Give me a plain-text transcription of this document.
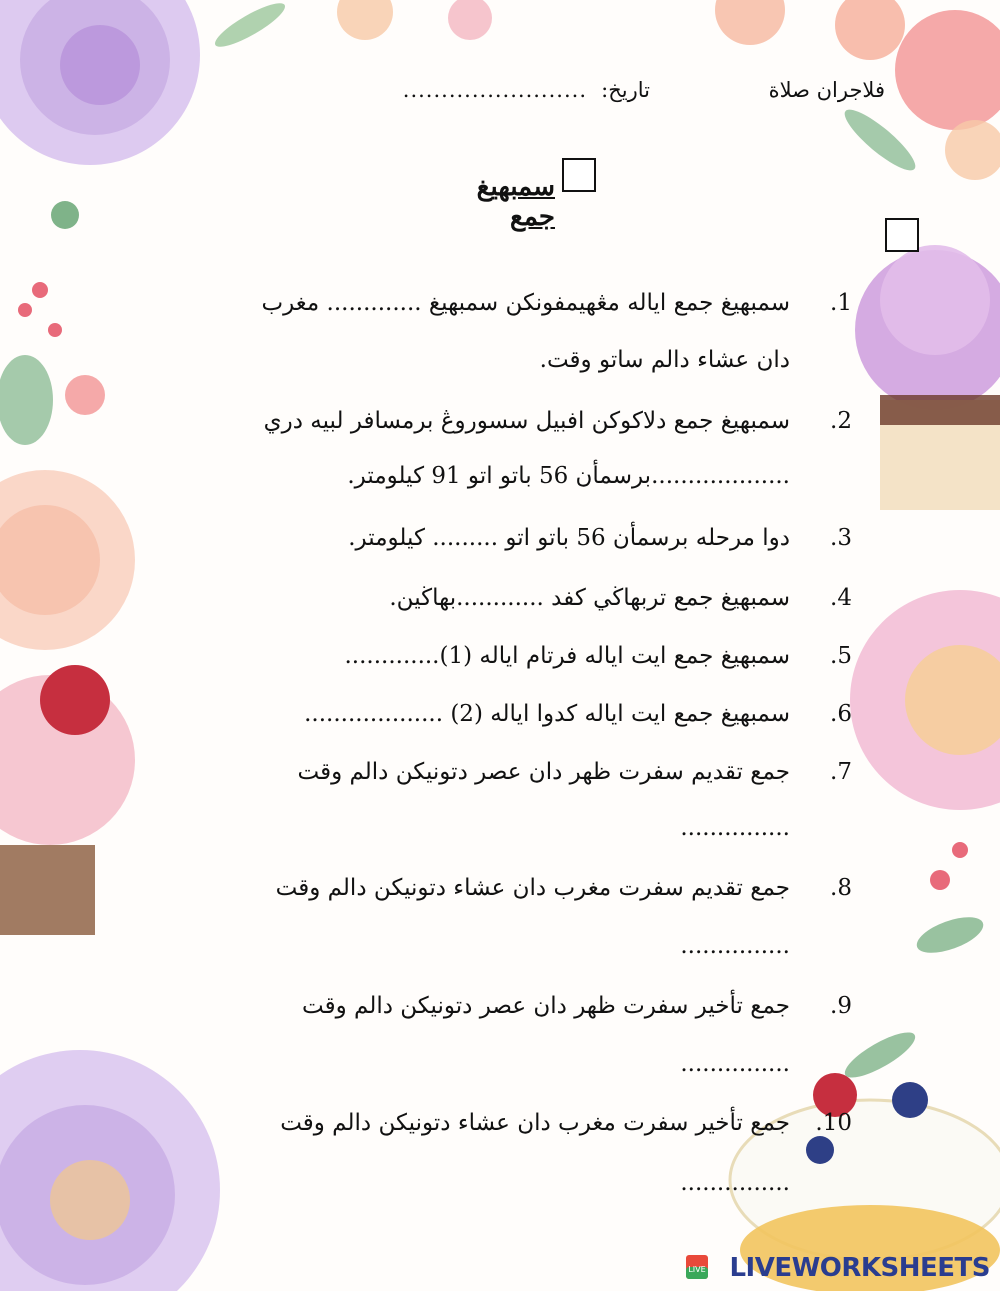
فلاجران صلاة
تاريخ:
........................
سمبهيغ جمع
.1
سمبهيغ جمع اياله مڠهيمفونكن سمبهيغ ............. مغرب
دان عشاء دالم ساتو وقت.
.2
سمبهيغ جمع دلاكوكن افبيل سسوروڠ برمسافر لبيه دري
...................برسمأن 56 باتو اتو 91 كيلومتر.
.3
دوا مرحله برسمأن 56 باتو اتو ......... كيلومتر.
.4
سمبهيغ جمع تربهاڬي كفد ............بهاڬين.
.5
سمبهيغ جمع ايت اياله فرتام اياله (1).............
.6
سمبهيغ جمع ايت اياله كدوا اياله (2) ...................
.7
جمع تقديم سفرت ظهر دان عصر دتونيكن دالم وقت
...............
.8
جمع تقديم سفرت مغرب دان عشاء دتونيكن دالم وقت
...............
.9
جمع تأخير سفرت ظهر دان عصر دتونيكن دالم وقت
...............
.10
جمع تأخير سفرت مغرب دان عشاء دتونيكن دالم وقت
...............
LIVE LIVEWORKSHEETS
